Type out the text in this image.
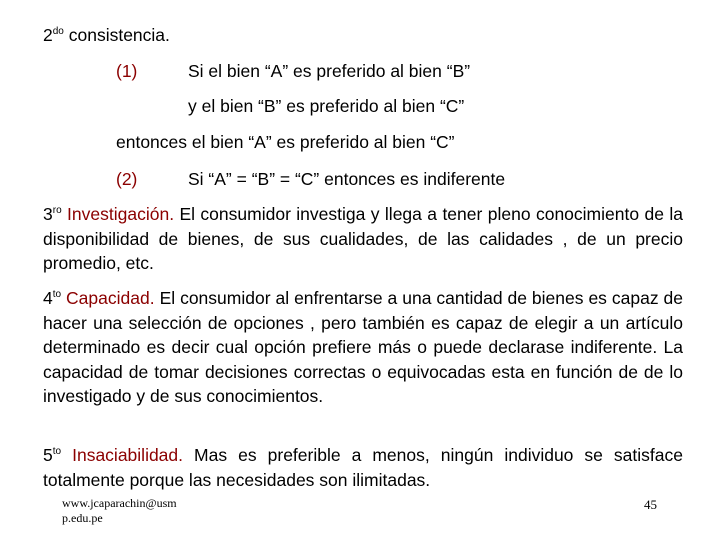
$2^{do}$ consistencia.
(1)	Si el bien “A” es preferido al bien “B”
y el bien “B” es preferido al bien “C”
entonces el bien “A” es preferido al bien “C”
(2)	Si “A” = “B” = “C” entonces es indiferente
$3^{ro}$ Investigación. El consumidor investiga y llega a tener pleno conocimiento de la disponibilidad de bienes, de sus cualidades, de las calidades , de un precio promedio, etc.
$4^{to}$ Capacidad. El consumidor al enfrentarse a una cantidad de bienes es capaz de hacer una selección de opciones , pero también es capaz de elegir a un artículo determinado es decir cual opción prefiere más o puede declarase indiferente. La capacidad de tomar decisiones correctas o equivocadas esta en función de de lo investigado y de sus conocimientos.
$5^{to}$ Insaciabilidad. Mas es preferible a menos, ningún individuo se satisface totalmente porque las necesidades son ilimitadas.
www.jcaparachin@usm
p.edu.pe
45
